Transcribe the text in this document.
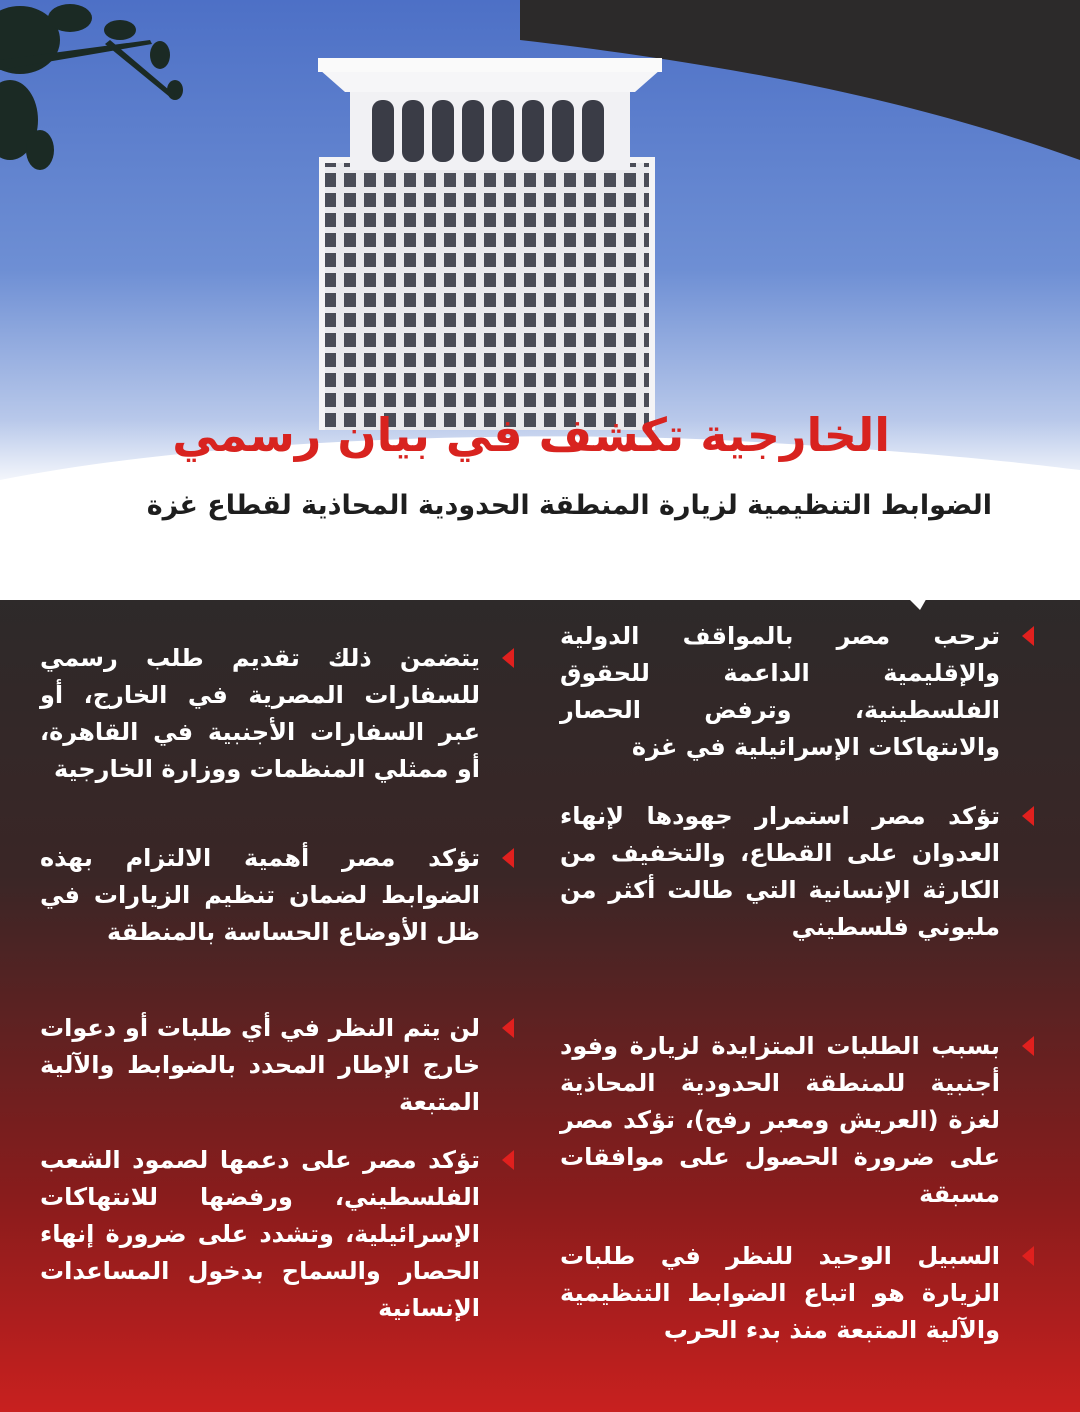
الخارجية تكشف في بيان رسمي
الضوابط التنظيمية لزيارة المنطقة الحدودية المحاذية لقطاع غزة

ترحب مصر بالمواقف الدولية والإقليمية الداعمة للحقوق الفلسطينية، وترفض الحصار والانتهاكات الإسرائيلية في غزة

تؤكد مصر استمرار جهودها لإنهاء العدوان على القطاع، والتخفيف من الكارثة الإنسانية التي طالت أكثر من مليوني فلسطيني

بسبب الطلبات المتزايدة لزيارة وفود أجنبية للمنطقة الحدودية المحاذية لغزة (العريش ومعبر رفح)، تؤكد مصر على ضرورة الحصول على موافقات مسبقة

السبيل الوحيد للنظر في طلبات الزيارة هو اتباع الضوابط التنظيمية والآلية المتبعة منذ بدء الحرب

يتضمن ذلك تقديم طلب رسمي للسفارات المصرية في الخارج، أو عبر السفارات الأجنبية في القاهرة، أو ممثلي المنظمات ووزارة الخارجية

تؤكد مصر أهمية الالتزام بهذه الضوابط لضمان تنظيم الزيارات في ظل الأوضاع الحساسة بالمنطقة

لن يتم النظر في أي طلبات أو دعوات خارج الإطار المحدد بالضوابط والآلية المتبعة

تؤكد مصر على دعمها لصمود الشعب الفلسطيني، ورفضها للانتهاكات الإسرائيلية، وتشدد على ضرورة إنهاء الحصار والسماح بدخول المساعدات الإنسانية
